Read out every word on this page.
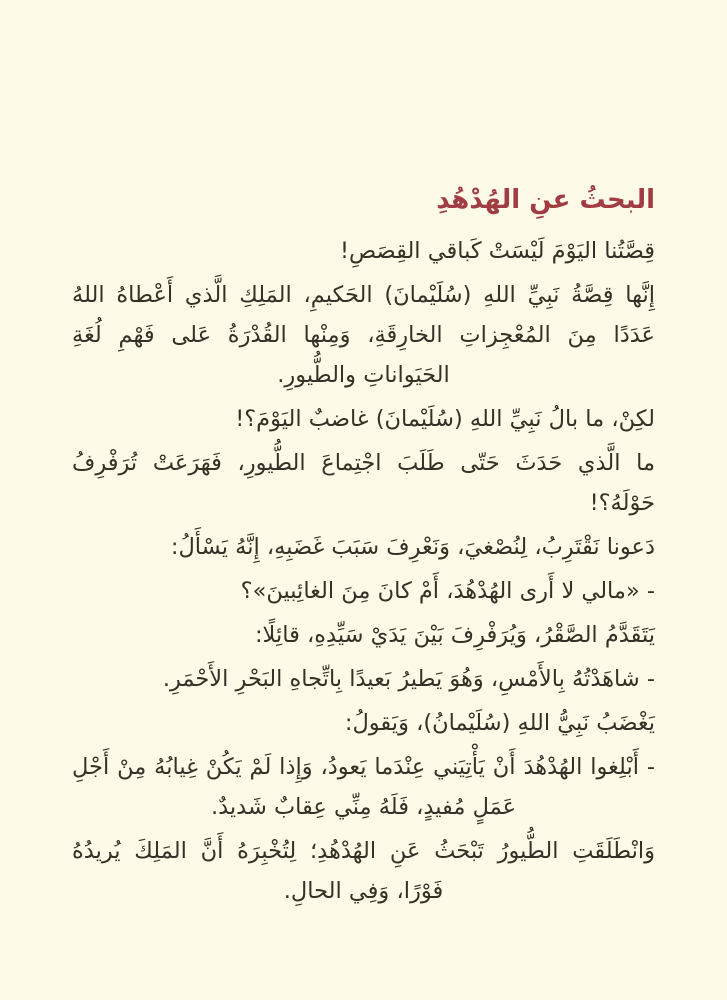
البحثُ عنِ الهُدْهُدِ

قِصَّتُنا اليَوْمَ لَيْسَتْ كَباقي القِصَصِ!

إِنَّها قِصَّةُ نَبِيِّ اللهِ (سُلَيْمانَ) الحَكيمِ، المَلِكِ الَّذي أَعْطاهُ اللهُ عَدَدًا مِنَ المُعْجِزاتِ الخارِقَةِ، وَمِنْها القُدْرَةُ عَلى فَهْمِ لُغَةِ الحَيَواناتِ والطُّيورِ.

لكِنْ، ما بالُ نَبِيِّ اللهِ (سُلَيْمانَ) غاضبٌ اليَوْمَ؟!

ما الَّذي حَدَثَ حَتّى طَلَبَ اجْتِماعَ الطُّيورِ، فَهَرَعَتْ تُرَفْرِفُ حَوْلَهُ؟!

دَعونا نَقْتَرِبُ، لِنُصْغيَ، وَنَعْرِفَ سَبَبَ غَضَبِهِ، إِنَّهُ يَسْأَلُ:

- «مالي لا أَرى الهُدْهُدَ، أَمْ كانَ مِنَ الغائِبينَ»؟

يَتَقَدَّمُ الصَّقْرُ، وَيُرَفْرِفَ بَيْنَ يَدَيْ سَيِّدِهِ، قائِلًا:

- شاهَدْتُهُ بِالأَمْسِ، وَهُوَ يَطيرُ بَعيدًا بِاتِّجاهِ البَحْرِ الأَحْمَرِ.

يَغْضَبُ نَبِيُّ اللهِ (سُلَيْمانُ)، وَيَقولُ:

- أَبْلِغوا الهُدْهُدَ أَنْ يَأْتِيَني عِنْدَما يَعودُ، وَإِذا لَمْ يَكُنْ غِيابُهُ مِنْ أَجْلِ عَمَلٍ مُفيدٍ، فَلَهُ مِنِّي عِقابٌ شَديدٌ.

وَانْطَلَقَتِ الطُّيورُ تَبْحَثُ عَنِ الهُدْهُدِ؛ لِتُخْبِرَهُ أَنَّ المَلِكَ يُريدُهُ فَوْرًا، وَفِي الحالِ.
